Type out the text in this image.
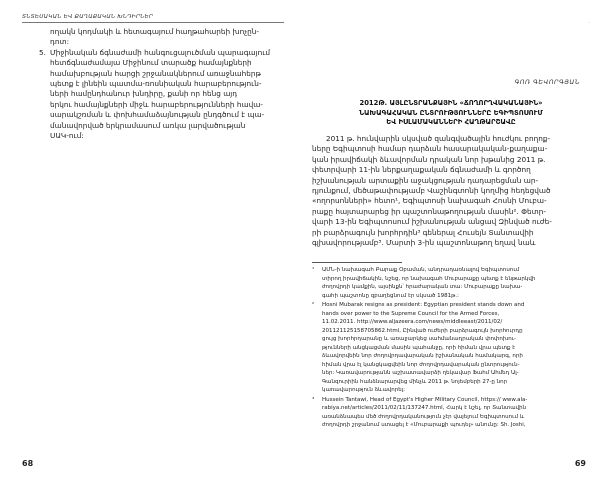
ՏՆՏԵՍԱԿԱՆ ԵՎ ՔԱՂԱՔԱԿԱՆ ԽՆԴԻՐՆԵՐ
ողակն կոդմակի և հետագայում հաղթահարեի խոչըն-
դոտ:
5. Միջինական ճգնաժամի հանգուցալուծման պարագայում
հետճգնաժամայա Միջինում տարածք համայնքների
համախբության հարցի շրջանակներում առաջնահերթ
պետք է լինեին պատմա-ռոսնիական հարաբերություն-
ների համընդհանուր խնդիրը, քանի որ հենց այդ
երկու համայնքների միջև հարաբերությունների հավա-
սարակշռման և փոխհամաձայնության ընդգծում է պա-
մանավորված երկրամասում առկա լարվածության
ՍԱԿ-ում:
68
·
ԳՈՌ ԳԵՎՈՐԳՅԱՆ
2012Թ. ԱՅԼԸՆՏՐԱՆՔԱՅԻՆ «ՃՈՂՈՐՂՎԱԿԱՆԱՅԻՆ»
ՆԱԽԱԳԱՀԱԿԱՆ ԸՆՏՐՈՒԹՅՈՒՆՆԵՐԸ ԵԳԻՊՏՈՍՈՒՄ
ԵՎ ԻՍԼԱՄԱԿԱՆՆԵՐԻ ՀԱՂԹԱՐՇԱՎԸ
2011 թ. հունվարին սկսված զանգվածային հուժկու բողոք-
ները Եգիպտոսի համար դարձան հասարակական-քաղաքա-
կան իրավիճակի ձևավորման դրական նոր խթանից 2011 թ.
փետրվարի 11-ին ներքաղաքական ճգնաժամի և գործող
իշխանության արտաքին աջակցության դադարեցման ար-
դյունքում, մեծաթափությամբ Վաշինգտոնի կողմից հեդեցված
«ողորսոնների» հետո¹, Եգիպտոսի նախագահ Հոսնի Մուբա-
րաքը հայտարարեց իր պաշտոնաթողության մասին². Փետր-
վարի 13-ին Եգիպտոսում իշխանության անցավ Զինված ուժե-
րի բարձրագույն խորհրդին³ գեներալ Հուսեյն Տանտավիի
գլխավորությամբ³. Մարտի 3-ին պաշտոնաթող եղավ նաև
¹ ԱՄՆ-ի նախագահ Բարաք Օբաման, անդրադառնալով Եգիպտոսում
տիրող իրավիճակին, նշեց, որ նախագահ Մուբարաքը պետք է ենթարկվի
ժողովրդի կամքին, այսինքն՝ հրաժարական տա: Մուբարաքը նախա-
գահի պաշտոնը զբաղեցնում էր սկսած 1981թ.:
² Hosni Mubarak resigns as president: Egyptian president stands down and
hands over power to the Supreme Council for the Armed Forces,
11.02.2011. http://www.aljazeera.com/news/middleeast/2011/02/
201121125158705862.html, Ըինված ուժերի բարձրագույն խորհուրդը
ցույց խորհրդարանը և առաջարկեց սահմանադրական փոփոխու-
թյունների անցկացման մասին պահանջը, որի հիման վրա պետք է
ձևավորվեին նոր ժողովրդավարական իշխանական համակարգ, որի
հիման վրա էլ կանցկացվեին նոր ժողովրդավարական ընտրություն-
ներ: Կառավարությանն աշխատավարձի ղեկավար Ֆահմ Ահմեդ Ալ-
Գանզուրիին հանձնարարվեց մինչև 2011 թ. նոյեմբերի 27-ը նոր
կառավարություն ձևավորել:
³ Hussein Tantawi, Head of Egypt's Higher Military Council, https:// www.ala-
rabiya.net/articles/2011/02/11/137247.html, Հարկ է նշել, որ Տանտավին
առանձնապես մեծ ժողովրդականություն չէր վայելում Եգիպտոսում և
ժողովրդի շրջանում ստացել է «Մուբարաքի պուդել» անունը: Sh. Joshi,
69
